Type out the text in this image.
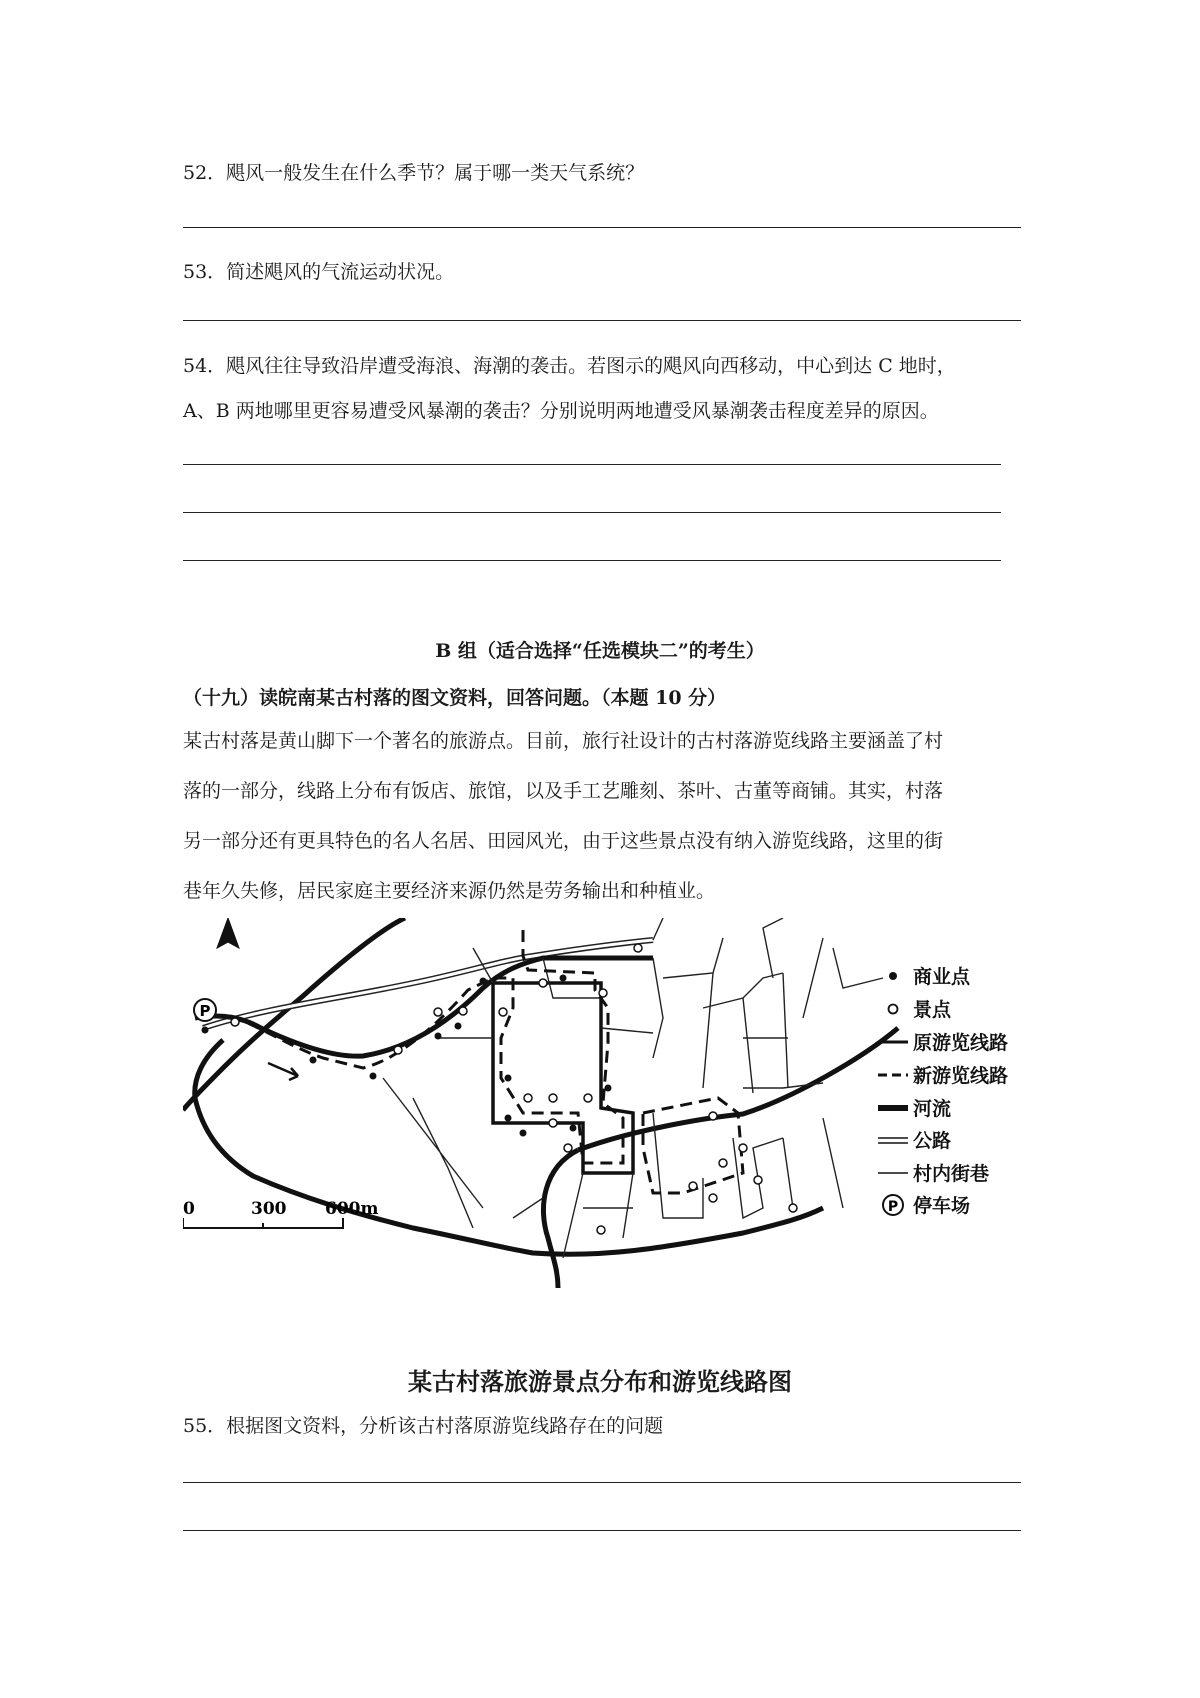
52．飓风一般发生在什么季节？属于哪一类天气系统？
53．简述飓风的气流运动状况。
54．飓风往往导致沿岸遭受海浪、海潮的袭击。若图示的飓风向西移动，中心到达 C 地时，
A、B 两地哪里更容易遭受风暴潮的袭击？分别说明两地遭受风暴潮袭击程度差异的原因。
B 组（适合选择“任选模块二”的考生）
（十九）读皖南某古村落的图文资料，回答问题。（本题 10 分）
某古村落是黄山脚下一个著名的旅游点。目前，旅行社设计的古村落游览线路主要涵盖了村
落的一部分，线路上分布有饭店、旅馆，以及手工艺雕刻、茶叶、古董等商铺。其实，村落
另一部分还有更具特色的名人名居、田园风光，由于这些景点没有纳入游览线路，这里的街
巷年久失修，居民家庭主要经济来源仍然是劳务输出和种植业。
P
0	300 600m
商业点
景点
原游览线路
新游览线路
河流
公路
村内街巷
P 停车场
某古村落旅游景点分布和游览线路图
55．根据图文资料，分析该古村落原游览线路存在的问题
